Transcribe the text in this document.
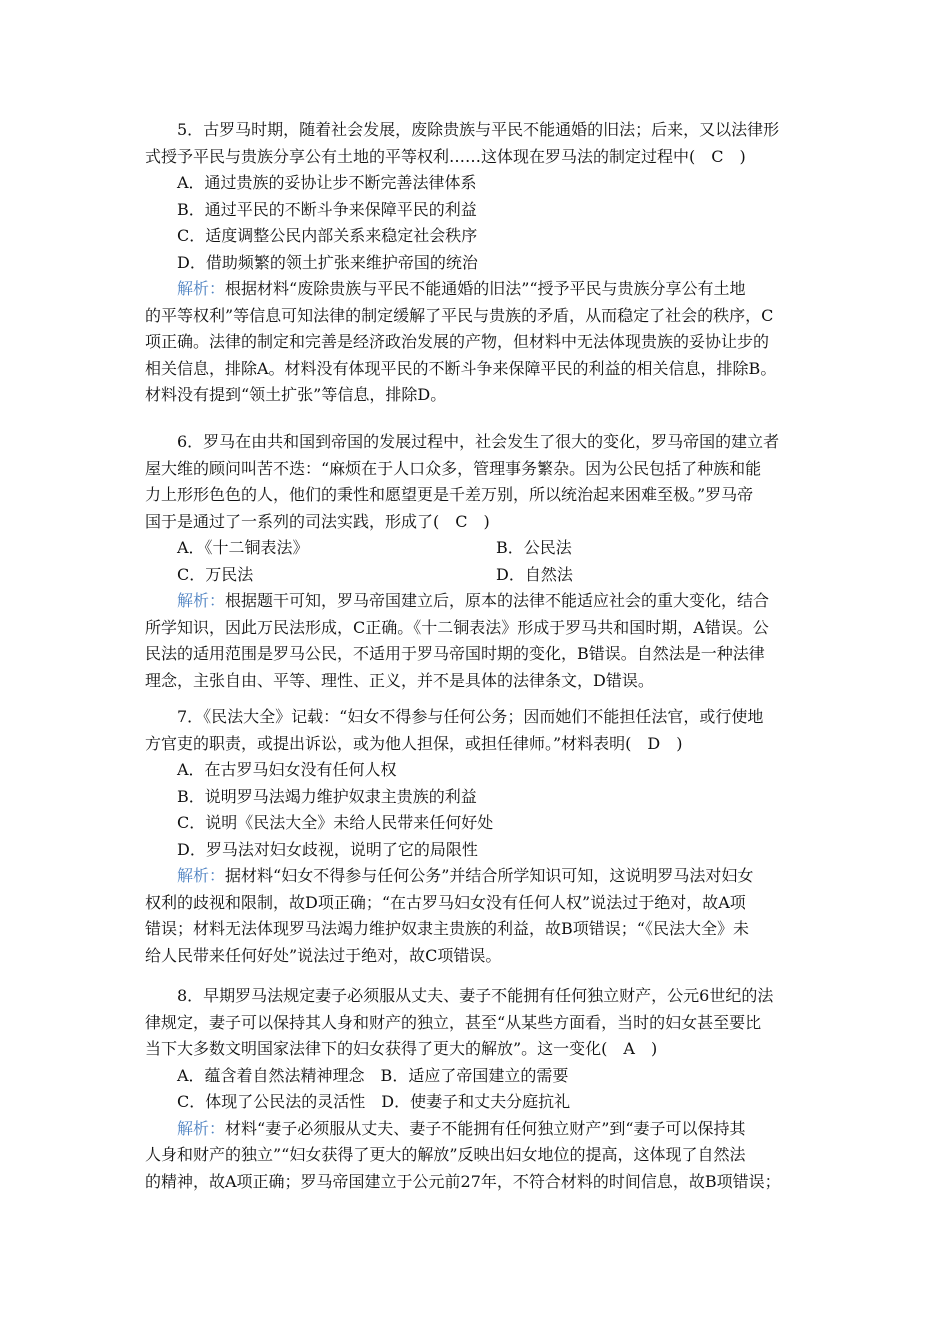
5．古罗马时期，随着社会发展，废除贵族与平民不能通婚的旧法；后来，又以法律形
式授予平民与贵族分享公有土地的平等权利……这体现在罗马法的制定过程中(　C　)
A．通过贵族的妥协让步不断完善法律体系
B．通过平民的不断斗争来保障平民的利益
C．适度调整公民内部关系来稳定社会秩序
D．借助频繁的领土扩张来维护帝国的统治
解析：根据材料“废除贵族与平民不能通婚的旧法”“授予平民与贵族分享公有土地
的平等权利”等信息可知法律的制定缓解了平民与贵族的矛盾，从而稳定了社会的秩序，C
项正确。法律的制定和完善是经济政治发展的产物，但材料中无法体现贵族的妥协让步的
相关信息，排除A。材料没有体现平民的不断斗争来保障平民的利益的相关信息，排除B。
材料没有提到“领土扩张”等信息，排除D。
6．罗马在由共和国到帝国的发展过程中，社会发生了很大的变化，罗马帝国的建立者
屋大维的顾问叫苦不迭：“麻烦在于人口众多，管理事务繁杂。因为公民包括了种族和能
力上形形色色的人，他们的秉性和愿望更是千差万别，所以统治起来困难至极。”罗马帝
国于是通过了一系列的司法实践，形成了(　C　)
A．《十二铜表法》	B．公民法
C．万民法	D．自然法
解析：根据题干可知，罗马帝国建立后，原本的法律不能适应社会的重大变化，结合
所学知识，因此万民法形成，C正确。《十二铜表法》形成于罗马共和国时期，A错误。公
民法的适用范围是罗马公民，不适用于罗马帝国时期的变化，B错误。自然法是一种法律
理念，主张自由、平等、理性、正义，并不是具体的法律条文，D错误。
7．《民法大全》记载：“妇女不得参与任何公务；因而她们不能担任法官，或行使地
方官吏的职责，或提出诉讼，或为他人担保，或担任律师。”材料表明(　D　)
A．在古罗马妇女没有任何人权
B．说明罗马法竭力维护奴隶主贵族的利益
C．说明《民法大全》未给人民带来任何好处
D．罗马法对妇女歧视，说明了它的局限性
解析：据材料“妇女不得参与任何公务”并结合所学知识可知，这说明罗马法对妇女
权利的歧视和限制，故D项正确；“在古罗马妇女没有任何人权”说法过于绝对，故A项
错误；材料无法体现罗马法竭力维护奴隶主贵族的利益，故B项错误；“《民法大全》未
给人民带来任何好处”说法过于绝对，故C项错误。
8．早期罗马法规定妻子必须服从丈夫、妻子不能拥有任何独立财产，公元6世纪的法
律规定，妻子可以保持其人身和财产的独立，甚至“从某些方面看，当时的妇女甚至要比
当下大多数文明国家法律下的妇女获得了更大的解放”。这一变化(　A　)
A．蕴含着自然法精神理念　B．适应了帝国建立的需要
C．体现了公民法的灵活性　D．使妻子和丈夫分庭抗礼
解析：材料“妻子必须服从丈夫、妻子不能拥有任何独立财产”到“妻子可以保持其
人身和财产的独立”“妇女获得了更大的解放”反映出妇女地位的提高，这体现了自然法
的精神，故A项正确；罗马帝国建立于公元前27年，不符合材料的时间信息，故B项错误；
